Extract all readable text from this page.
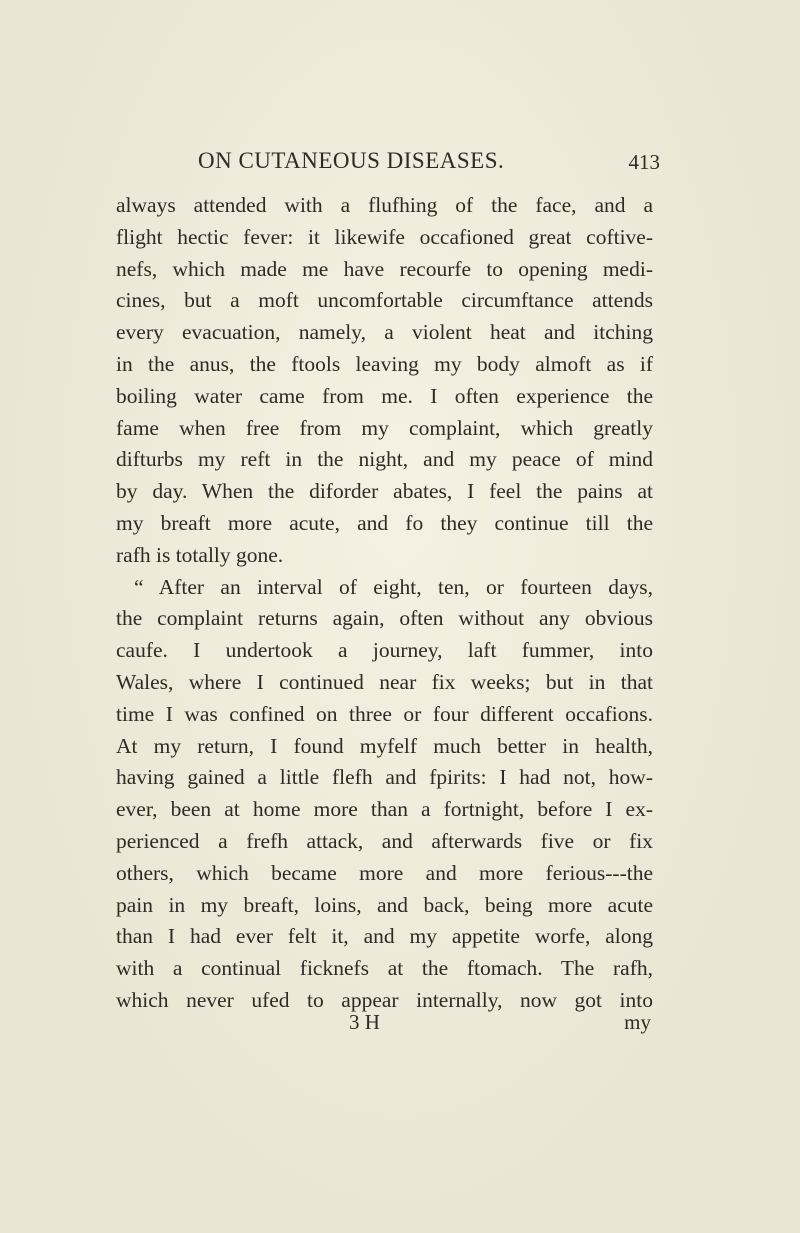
ON CUTANEOUS DISEASES.	413
always attended with a flufhing of the face, and a
flight hectic fever: it likewife occafioned great coftive-
nefs, which made me have recourfe to opening medi-
cines, but a moft uncomfortable circumftance attends
every evacuation, namely, a violent heat and itching
in the anus, the ftools leaving my body almoft as if
boiling water came from me. I often experience the
fame when free from my complaint, which greatly
difturbs my reft in the night, and my peace of mind
by day. When the diforder abates, I feel the pains at
my breaft more acute, and fo they continue till the
rafh is totally gone.
“ After an interval of eight, ten, or fourteen days,
the complaint returns again, often without any obvious
caufe. I undertook a journey, laft fummer, into
Wales, where I continued near fix weeks; but in that
time I was confined on three or four different occafions.
At my return, I found myfelf much better in health,
having gained a little flefh and fpirits: I had not, how-
ever, been at home more than a fortnight, before I ex-
perienced a frefh attack, and afterwards five or fix
others, which became more and more ferious---the
pain in my breaft, loins, and back, being more acute
than I had ever felt it, and my appetite worfe, along
with a continual ficknefs at the ftomach. The rafh,
which never ufed to appear internally, now got into
3 H	my
